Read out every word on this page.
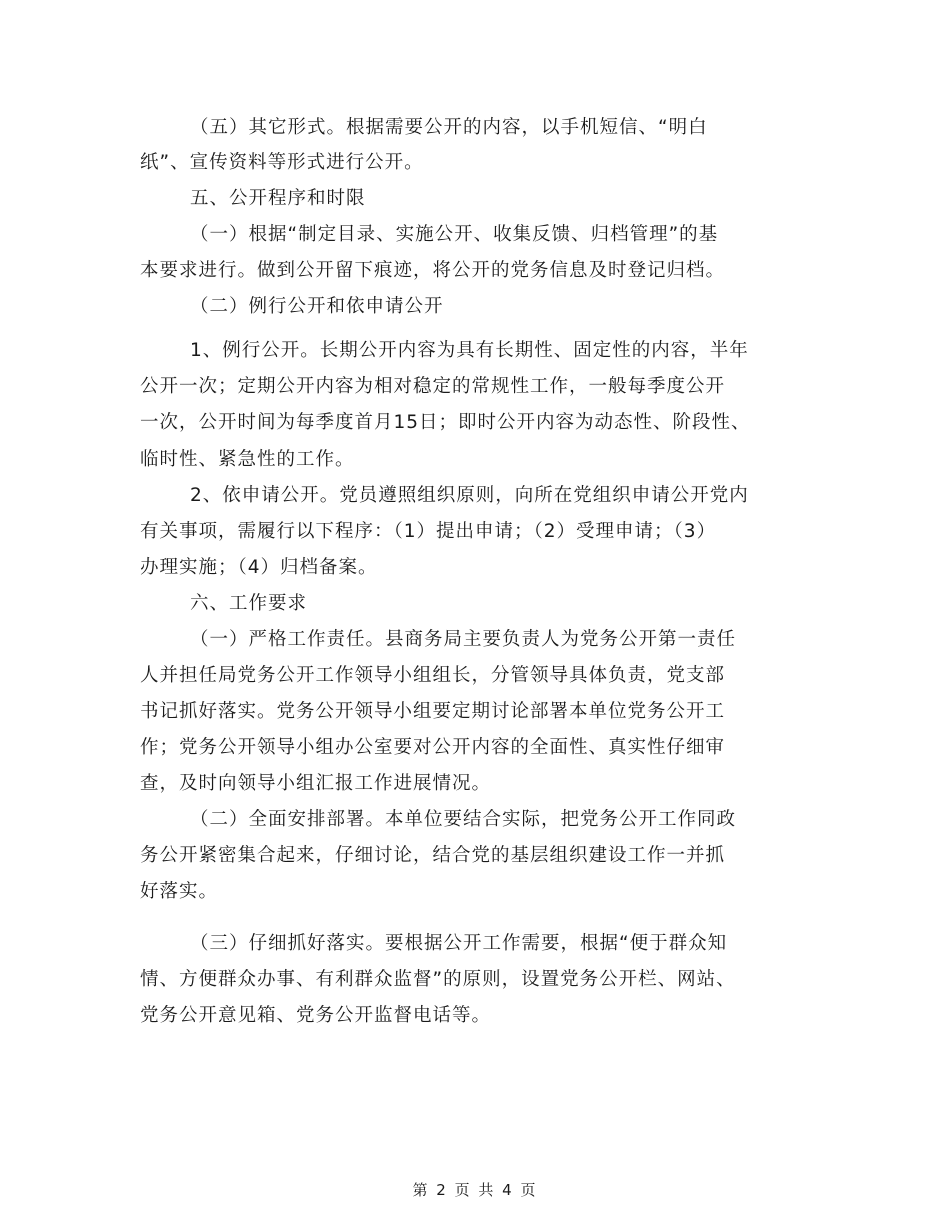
（五）其它形式。根据需要公开的内容，以手机短信、“明白
纸”、宣传资料等形式进行公开。
五、公开程序和时限
（一）根据“制定目录、实施公开、收集反馈、归档管理”的基
本要求进行。做到公开留下痕迹，将公开的党务信息及时登记归档。
（二）例行公开和依申请公开
1、例行公开。长期公开内容为具有长期性、固定性的内容，半年
公开一次；定期公开内容为相对稳定的常规性工作，一般每季度公开
一次，公开时间为每季度首月15日；即时公开内容为动态性、阶段性、
临时性、紧急性的工作。
2、依申请公开。党员遵照组织原则，向所在党组织申请公开党内
有关事项，需履行以下程序：（1）提出申请；（2）受理申请；（3）
办理实施；（4）归档备案。
六、工作要求
（一）严格工作责任。县商务局主要负责人为党务公开第一责任
人并担任局党务公开工作领导小组组长，分管领导具体负责，党支部
书记抓好落实。党务公开领导小组要定期讨论部署本单位党务公开工
作；党务公开领导小组办公室要对公开内容的全面性、真实性仔细审
查，及时向领导小组汇报工作进展情况。
（二）全面安排部署。本单位要结合实际，把党务公开工作同政
务公开紧密集合起来，仔细讨论，结合党的基层组织建设工作一并抓
好落实。
（三）仔细抓好落实。要根据公开工作需要，根据“便于群众知
情、方便群众办事、有利群众监督”的原则，设置党务公开栏、网站、
党务公开意见箱、党务公开监督电话等。
第 2 页 共 4 页
